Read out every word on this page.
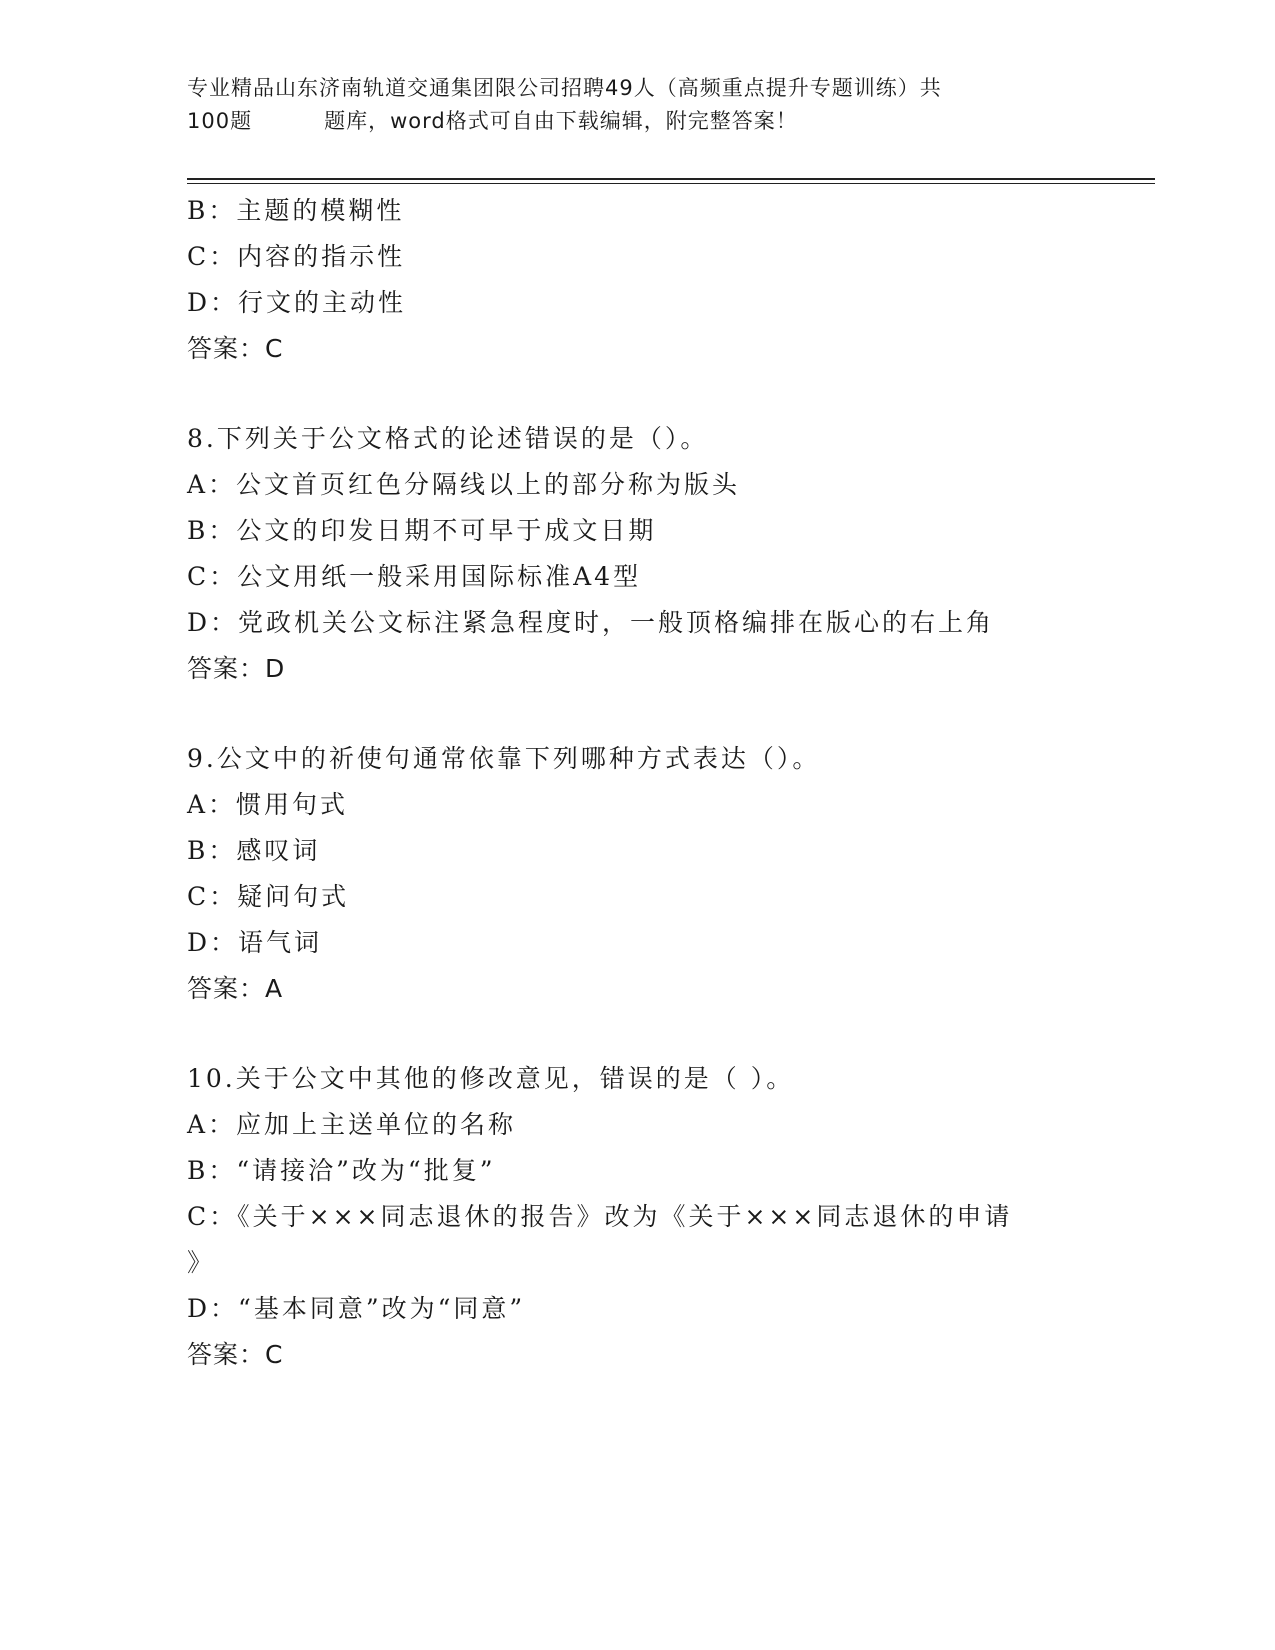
专业精品山东济南轨道交通集团限公司招聘49人（高频重点提升专题训练）共
100题	题库，word格式可自由下载编辑，附完整答案！
B：主题的模糊性
C：内容的指示性
D：行文的主动性
答案：C
8.下列关于公文格式的论述错误的是（）。
A：公文首页红色分隔线以上的部分称为版头
B：公文的印发日期不可早于成文日期
C：公文用纸一般采用国际标准A4型
D：党政机关公文标注紧急程度时，一般顶格编排在版心的右上角
答案：D
9.公文中的祈使句通常依靠下列哪种方式表达（）。
A：惯用句式
B：感叹词
C：疑问句式
D：语气词
答案：A
10.关于公文中其他的修改意见，错误的是（ ）。
A：应加上主送单位的名称
B：“请接洽”改为“批复”
C：《关于×××同志退休的报告》改为《关于×××同志退休的申请
》
D：“基本同意”改为“同意”
答案：C
